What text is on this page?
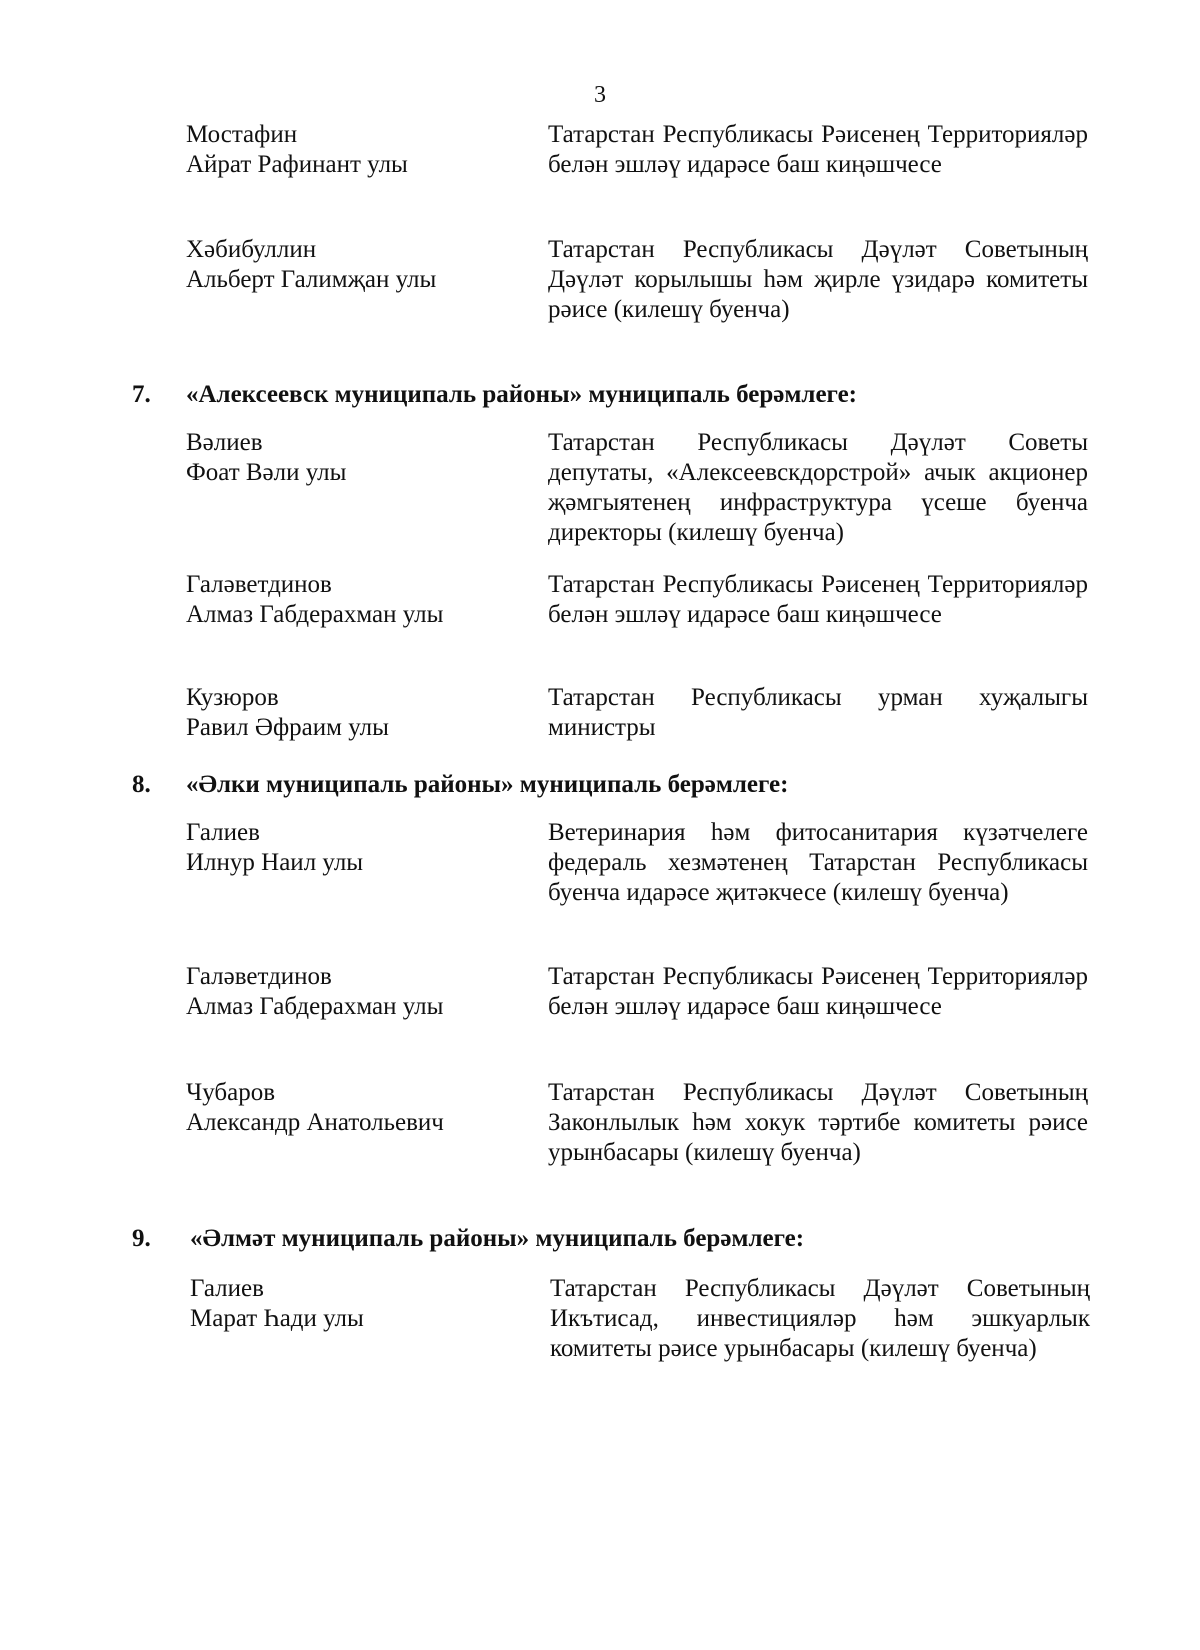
3
Мостафин
Айрат Рафинант улы
Татарстан Республикасы Рәисенең Территорияләр белән эшләү идарәсе баш киңәшчесе
Хәбибуллин
Альберт Галимҗан улы
Татарстан Республикасы Дәүләт Советының Дәүләт корылышы һәм җирле үзидарә комитеты рәисе (килешү буенча)
7. «Алексеевск муниципаль районы» муниципаль берәмлеге:
Вәлиев
Фоат Вәли улы
Татарстан Республикасы Дәүләт Советы депутаты, «Алексеевскдорстрой» ачык акционер җәмгыятенең инфраструктура үсеше буенча директоры (килешү буенча)
Галәветдинов
Алмаз Габдерахман улы
Татарстан Республикасы Рәисенең Территорияләр белән эшләү идарәсе баш киңәшчесе
Кузюров
Равил Әфраим улы
Татарстан Республикасы урман хуҗалыгы министры
8. «Әлки муниципаль районы» муниципаль берәмлеге:
Галиев
Илнур Наил улы
Ветеринария һәм фитосанитария күзәтчелеге федераль хезмәтенең Татарстан Республикасы буенча идарәсе җитәкчесе (килешү буенча)
Галәветдинов
Алмаз Габдерахман улы
Татарстан Республикасы Рәисенең Территорияләр белән эшләү идарәсе баш киңәшчесе
Чубаров
Александр Анатольевич
Татарстан Республикасы Дәүләт Советының Законлылык һәм хокук тәртибе комитеты рәисе урынбасары (килешү буенча)
9. «Әлмәт муниципаль районы» муниципаль берәмлеге:
Галиев
Марат Һади улы
Татарстан Республикасы Дәүләт Советының Икътисад, инвестицияләр һәм эшкуарлык комитеты рәисе урынбасары (килешү буенча)
